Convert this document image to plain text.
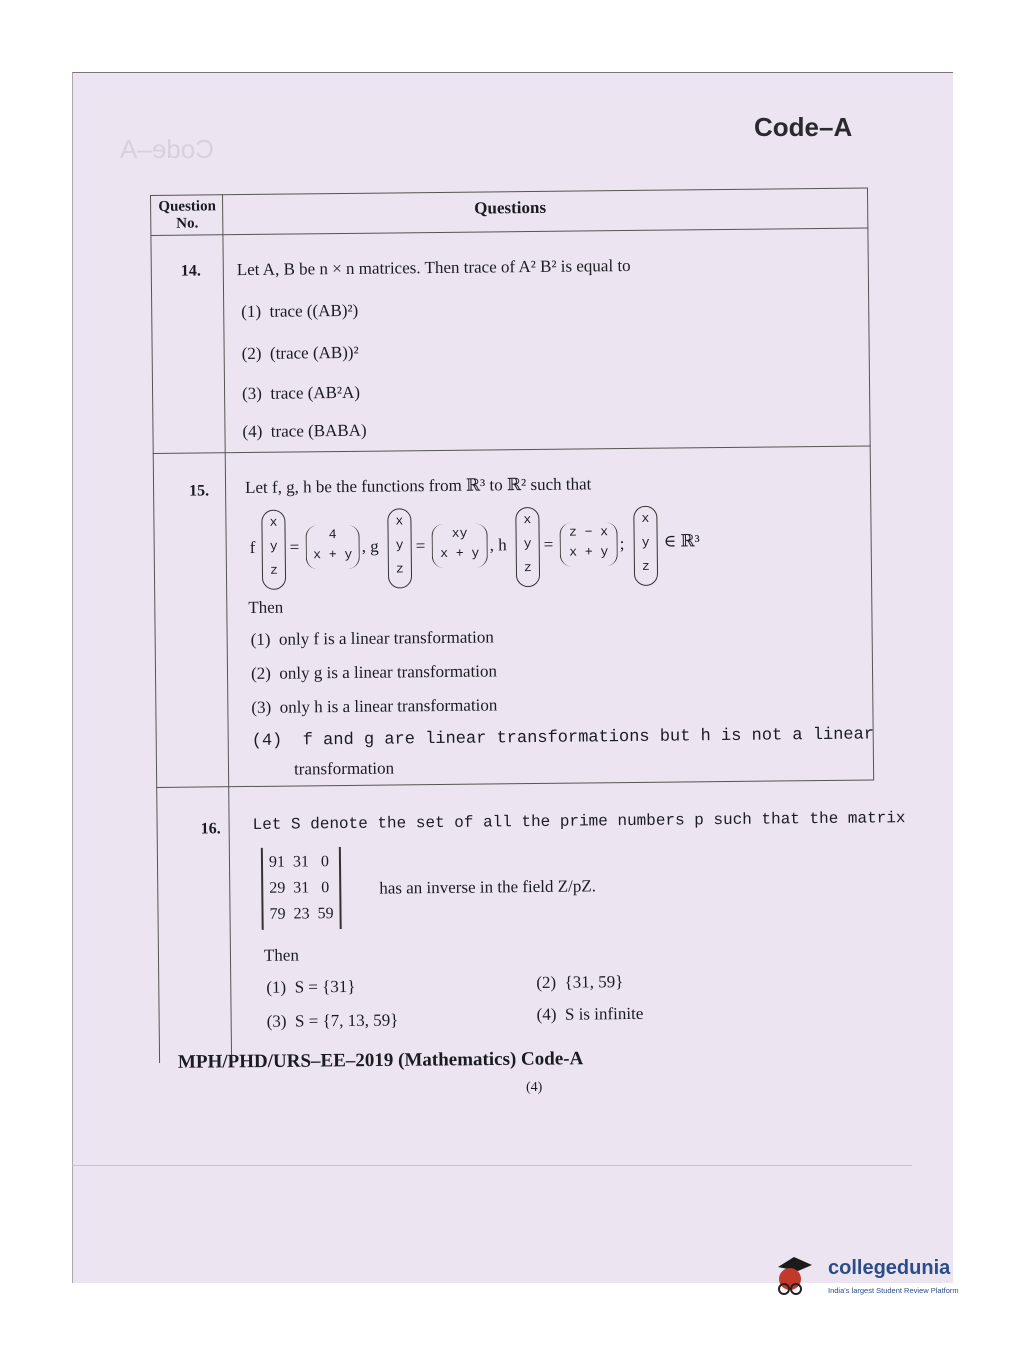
Code–A
Code–A
Question No.
Questions
14. Let A, B be n × n matrices. Then trace of A² B² is equal to
(1) trace ((AB)²)
(2) (trace (AB))²
(3) trace (AB²A)
(4) trace (BABA)
15. Let f, g, h be the functions from ℝ³ to ℝ² such that
f
x
y
z
=
4
x + y , g
x
y
z
=
xy
x + y , h
x
y
z
=
z − x
x + y ;
x
y
z
∈ ℝ³
Then
(1) only f is a linear transformation
(2) only g is a linear transformation
(3) only h is a linear transformation
(4) f and g are linear transformations but h is not a linear
transformation
16. Let S denote the set of all the prime numbers p such that the matrix
91  31   0
29  31   0
79  23  59
has an inverse in the field Z/pZ.
Then
(1) S = {31}	(2) {31, 59}
(3) S = {7, 13, 59}	(4) S is infinite
MPH/PHD/URS–EE–2019 (Mathematics) Code-A
(4)
collegedunia
India's largest Student Review Platform
